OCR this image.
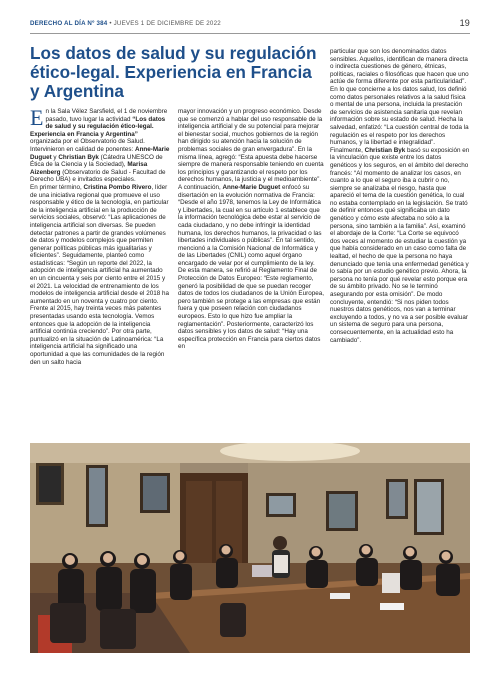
DERECHO AL DÍA Nº 384 • JUEVES 1 DE DICIEMBRE DE 2022	19
Los datos de salud y su regulación ético-legal. Experiencia en Francia y Argentina

En la Sala Vélez Sarsfield, el 1 de noviembre pasado, tuvo lugar la actividad “Los datos de salud y su regulación ético-legal. Experiencia en Francia y Argentina” organizada por el Observatorio de Salud. Intervinieron en calidad de ponentes: Anne-Marie Duguet y Christian Byk (Cátedra UNESCO de Ética de la Ciencia y la Sociedad), Marisa Aizenberg (Observatorio de Salud - Facultad de Derecho UBA) e invitados especiales.

En primer término, Cristina Pombo Rivero, líder de una iniciativa regional que promueve el uso responsable y ético de la tecnología, en particular de la inteligencia artificial en la producción de servicios sociales, observó: “Las aplicaciones de inteligencia artificial son diversas. Se pueden detectar patrones a partir de grandes volúmenes de datos y modelos complejos que permiten generar políticas públicas más igualitarias y eficientes”. Seguidamente, planteó como estadísticas: “Según un reporte del 2022, la adopción de inteligencia artificial ha aumentado en un cincuenta y seis por ciento entre el 2015 y el 2021. La velocidad de entrenamiento de los modelos de inteligencia artificial desde el 2018 ha aumentado en un noventa y cuatro por ciento. Frente al 2015, hay treinta veces más patentes presentadas usando esta tecnología. Vemos entonces que la adopción de la inteligencia artificial continúa creciendo”. Por otra parte, puntualizó en la situación de Latinoamérica: “La inteligencia artificial ha significado una oportunidad a que las comunidades de la región den un salto hacia

mayor innovación y un progreso económico. Desde que se comenzó a hablar del uso responsable de la inteligencia artificial y de su potencial para mejorar el bienestar social, muchos gobiernos de la región han dirigido su atención hacia la solución de problemas sociales de gran envergadura”. En la misma línea, agregó: “Esta apuesta debe hacerse siempre de manera responsable teniendo en cuenta los principios y garantizando el respeto por los derechos humanos, la justicia y el medioambiente”.

A continuación, Anne-Marie Duguet enfocó su disertación en la evolución normativa de Francia: “Desde el año 1978, tenemos la Ley de Informática y Libertades, la cual en su artículo 1 establece que la información tecnológica debe estar al servicio de cada ciudadano, y no debe infringir la identidad humana, los derechos humanos, la privacidad o las libertades individuales o públicas”. En tal sentido, mencionó a la Comisión Nacional de Informática y de las Libertades (CNIL) como aquel órgano encargado de velar por el cumplimiento de la ley. De esta manera, se refirió al Reglamento Final de Protección de Datos Europeo: “Este reglamento, generó la posibilidad de que se puedan recoger datos de todos los ciudadanos de la Unión Europea, pero también se protege a las empresas que están fuera y que poseen relación con ciudadanos europeos. Esto lo que hizo fue ampliar la reglamentación”. Posteriormente, caracterizó los datos sensibles y los datos de salud: “Hay una específica protección en Francia para ciertos datos en

particular que son los denominados datos sensibles. Aquellos, identifican de manera directa o indirecta cuestiones de género, étnicas, políticas, raciales o filosóficas que hacen que uno actúe de forma diferente por esta particularidad”. En lo que concierne a los datos salud, los definió como datos personales relativos a la salud física o mental de una persona, incluida la prestación de servicios de asistencia sanitaria que revelan información sobre su estado de salud. Hecha la salvedad, enfatizó: “La cuestión central de toda la regulación es el respeto por los derechos humanos, y la libertad e integralidad”.

Finalmente, Christian Byk basó su exposición en la vinculación que existe entre los datos genéticos y los seguros, en el ámbito del derecho francés: “Al momento de analizar los casos, en cuanto a lo que el seguro iba a cubrir o no, siempre se analizaba el riesgo, hasta que apareció el tema de la cuestión genética, lo cual no estaba contemplado en la legislación. Se trató de definir entonces qué significaba un dato genético y cómo este afectaba no sólo a la persona, sino también a la familia”. Así, examinó el abordaje de la Corte: “La Corte se equivocó dos veces al momento de estudiar la cuestión ya que había considerado en un caso como falta de lealtad, el hecho de que la persona no haya denunciado que tenía una enfermedad genética y lo sabía por un estudio genético previo. Ahora, la persona no tenía por qué revelar esto porque era de su ámbito privado. No se le terminó asegurando por esta omisión”. De modo concluyente, entendió: “Si nos piden todos nuestros datos genéticos, nos van a terminar excluyendo a todos, y no va a ser posible evaluar un sistema de seguro para una persona, consecuentemente, en la actualidad esto ha cambiado”.
